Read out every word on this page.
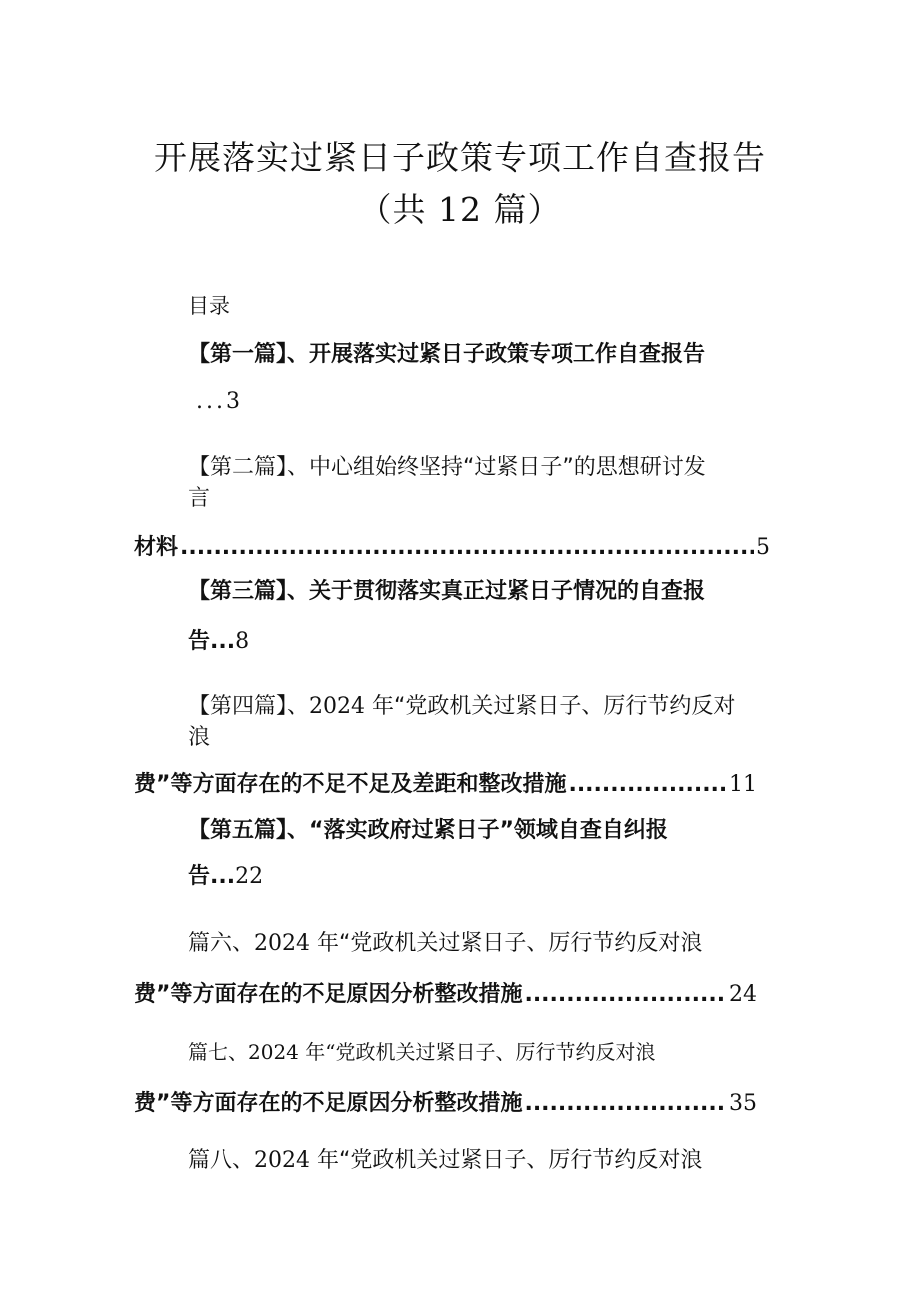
开展落实过紧日子政策专项工作自查报告
（共 12 篇）
目录
【第一篇】、开展落实过紧日子政策专项工作自查报告
...3
【第二篇】、中心组始终坚持“过紧日子”的思想研讨发
言
材料 .....	5
【第三篇】、关于贯彻落实真正过紧日子情况的自查报
告...8
【第四篇】、2024 年“党政机关过紧日子、厉行节约反对
浪
费”等方面存在的不足不足及差距和整改措施 .....	11
【第五篇】、“落实政府过紧日子”领域自查自纠报
告...22
篇六、2024 年“党政机关过紧日子、厉行节约反对浪
费”等方面存在的不足原因分析整改措施 .....	24
篇七、2024 年“党政机关过紧日子、厉行节约反对浪
费”等方面存在的不足原因分析整改措施 .....	35
篇八、2024 年“党政机关过紧日子、厉行节约反对浪
